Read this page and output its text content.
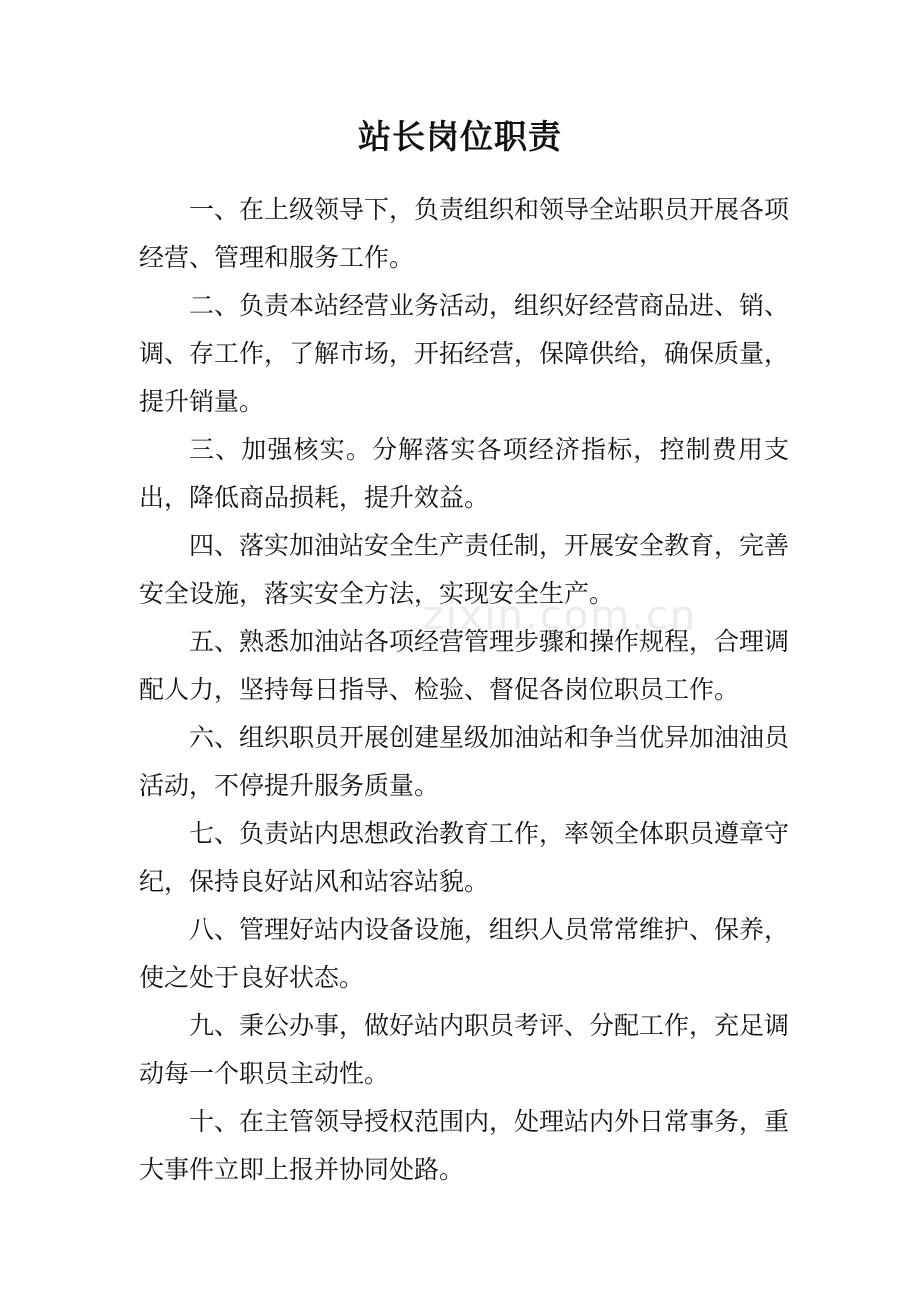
zixin.com.cn
站长岗位职责

一、在上级领导下，负责组织和领导全站职员开展各项经营、管理和服务工作。

二、负责本站经营业务活动，组织好经营商品进、销、调、存工作，了解市场，开拓经营，保障供给，确保质量，提升销量。

三、加强核实。分解落实各项经济指标，控制费用支出，降低商品损耗，提升效益。

四、落实加油站安全生产责任制，开展安全教育，完善安全设施，落实安全方法，实现安全生产。

五、熟悉加油站各项经营管理步骤和操作规程，合理调配人力，坚持每日指导、检验、督促各岗位职员工作。

六、组织职员开展创建星级加油站和争当优异加油油员活动，不停提升服务质量。

七、负责站内思想政治教育工作，率领全体职员遵章守纪，保持良好站风和站容站貌。

八、管理好站内设备设施，组织人员常常维护、保养，使之处于良好状态。

九、秉公办事，做好站内职员考评、分配工作，充足调动每一个职员主动性。

十、在主管领导授权范围内，处理站内外日常事务，重大事件立即上报并协同处路。
